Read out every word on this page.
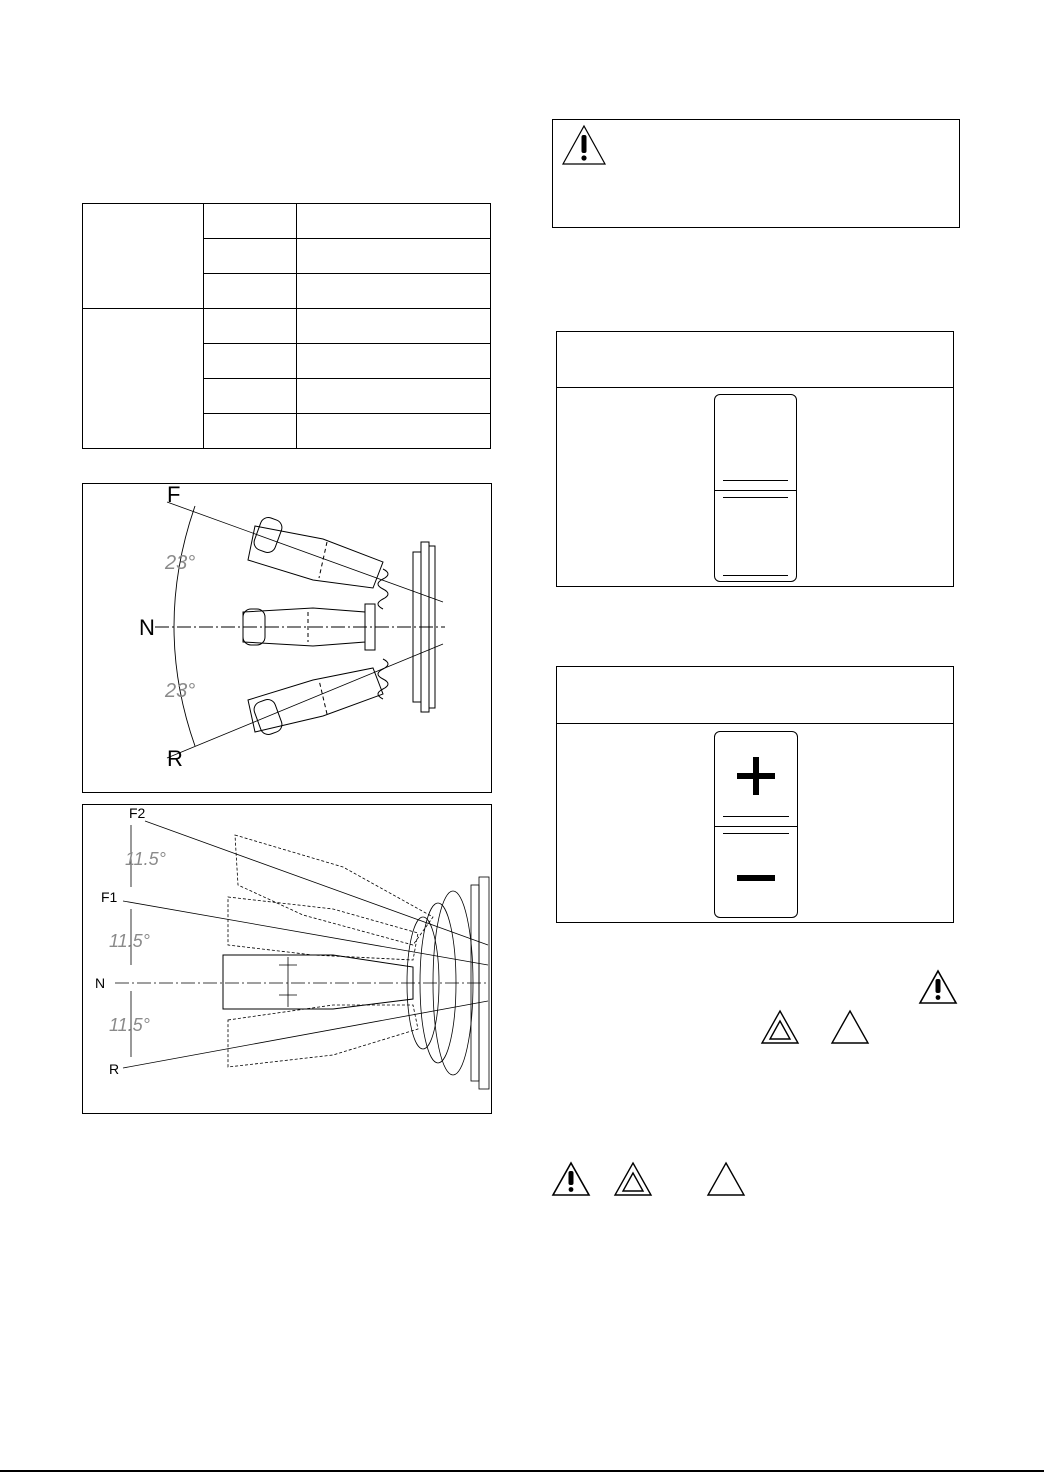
F
N
R
23°
23°
F2
F1
N
R
11.5°
11.5°
11.5°
